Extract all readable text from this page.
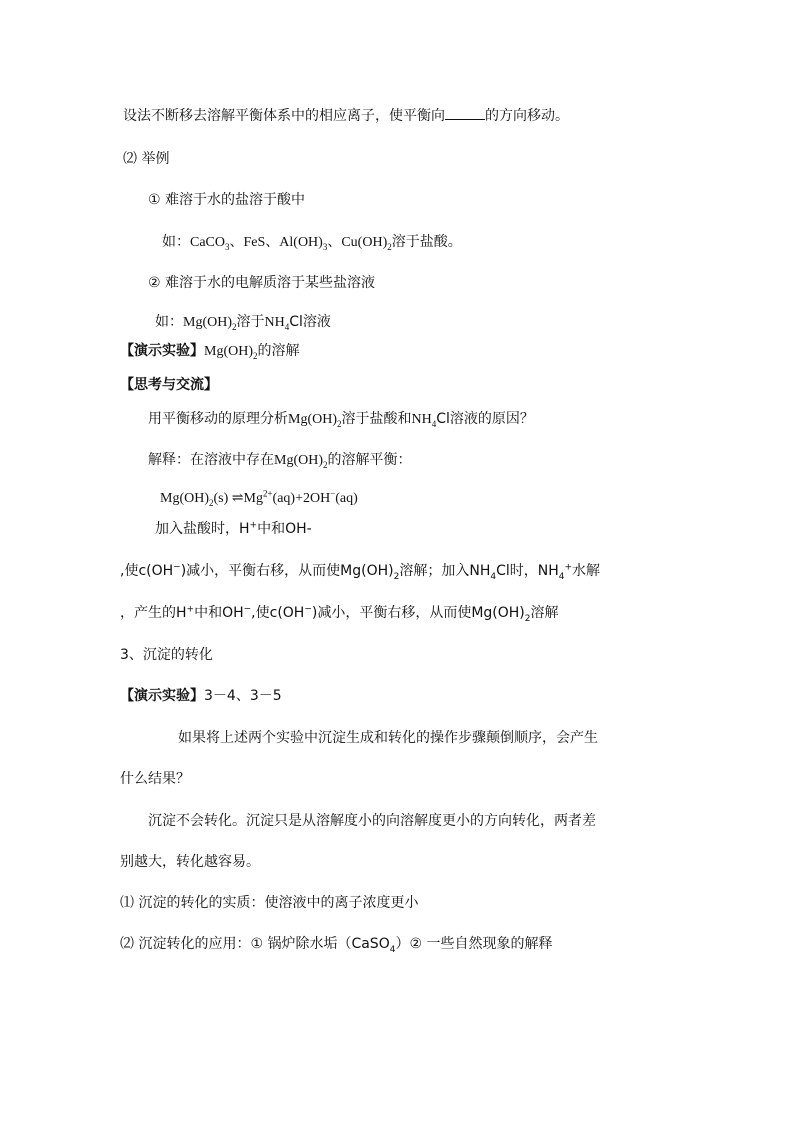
设法不断移去溶解平衡体系中的相应离子，使平衡向	的方向移动。
⑵ 举例
① 难溶于水的盐溶于酸中
如：CaCO$_3$、FeS、$Al(OH)_3$、$Cu(OH)_2$溶于盐酸。
② 难溶于水的电解质溶于某些盐溶液
如：$Mg(OH)_2$溶于$NH_4Cl$溶液
【演示实验】$Mg(OH)_2$的溶解
【思考与交流】
用平衡移动的原理分析$Mg(OH)_2$溶于盐酸和$NH_4Cl$溶液的原因？
解释：在溶液中存在$Mg(OH)_2$的溶解平衡：
$Mg(OH)_2(s)$ $\rightleftharpoons Mg^{2+}(aq)+2OH^-(aq)$
加入盐酸时，H+中和OH-
,使c(OH−)减小，平衡右移，从而使$Mg(OH)_2$溶解；加入$NH_4Cl$时，$NH_4^+$水解
，产生的H+中和OH−,使c(OH−)减小，平衡右移，从而使$Mg(OH)_2$溶解
3、沉淀的转化
【演示实验】3－4、3－5
如果将上述两个实验中沉淀生成和转化的操作步骤颠倒顺序，会产生
什么结果？
沉淀不会转化。沉淀只是从溶解度小的向溶解度更小的方向转化，两者差
别越大，转化越容易。
⑴ 沉淀的转化的实质：使溶液中的离子浓度更小
⑵ 沉淀转化的应用：① 锅炉除水垢（CaSO$_4$）② 一些自然现象的解释
